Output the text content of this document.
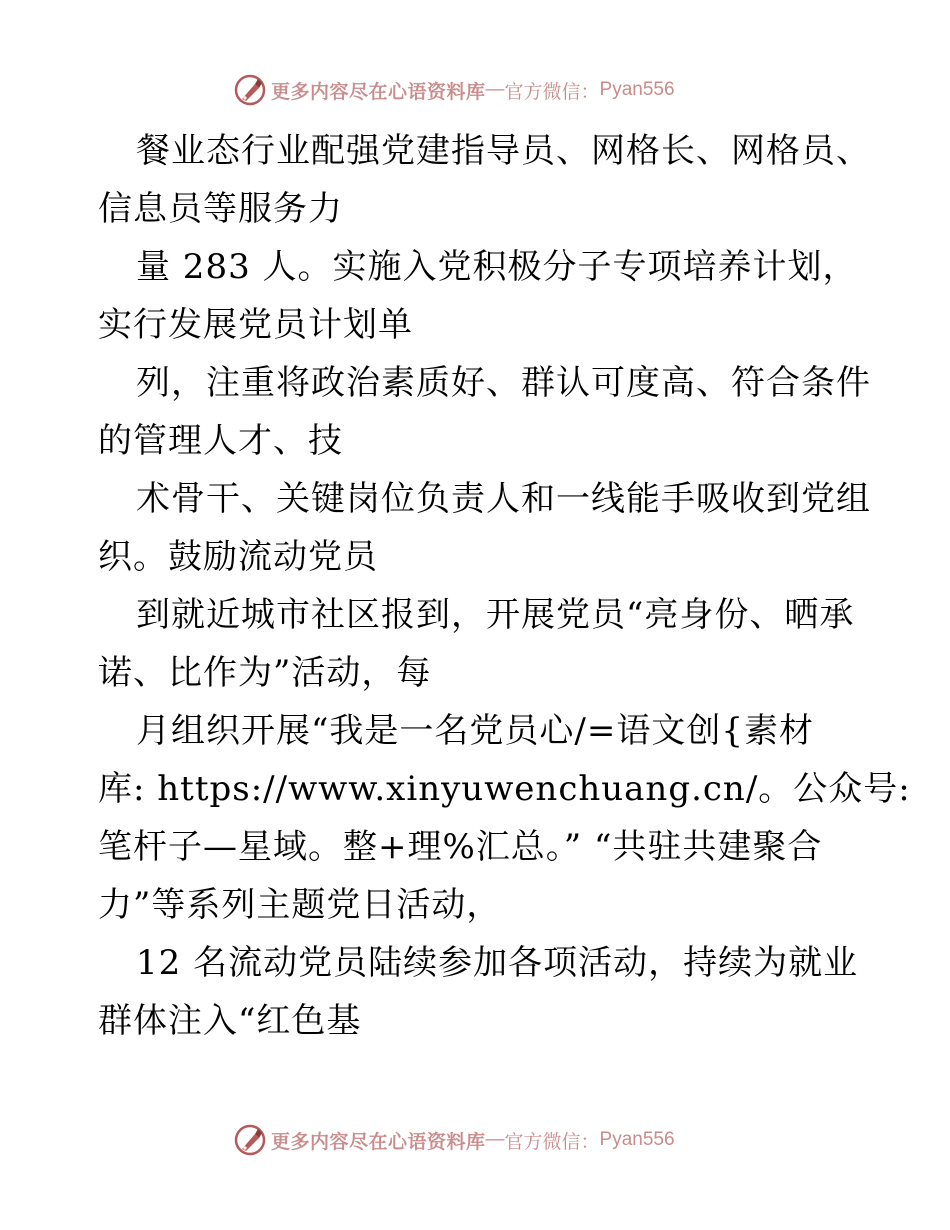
更多内容尽在心语资料库 — 官方微信： Pyan556
餐业态行业配强党建指导员、网格长、网格员、
信息员等服务力
量 283 人。实施入党积极分子专项培养计划，
实行发展党员计划单
列，注重将政治素质好、群认可度高、符合条件
的管理人才、技
术骨干、关键岗位负责人和一线能手吸收到党组
织。鼓励流动党员
到就近城市社区报到，开展党员“亮身份、晒承
诺、比作为”活动，每
月组织开展“我是一名党员心/=语文创{素材
库: https://www.xinyuwenchuang.cn/。公众号:
笔杆子—星域。整+理%汇总。” “共驻共建聚合
力”等系列主题党日活动，
12 名流动党员陆续参加各项活动，持续为就业
群体注入“红色基
更多内容尽在心语资料库 — 官方微信： Pyan556
